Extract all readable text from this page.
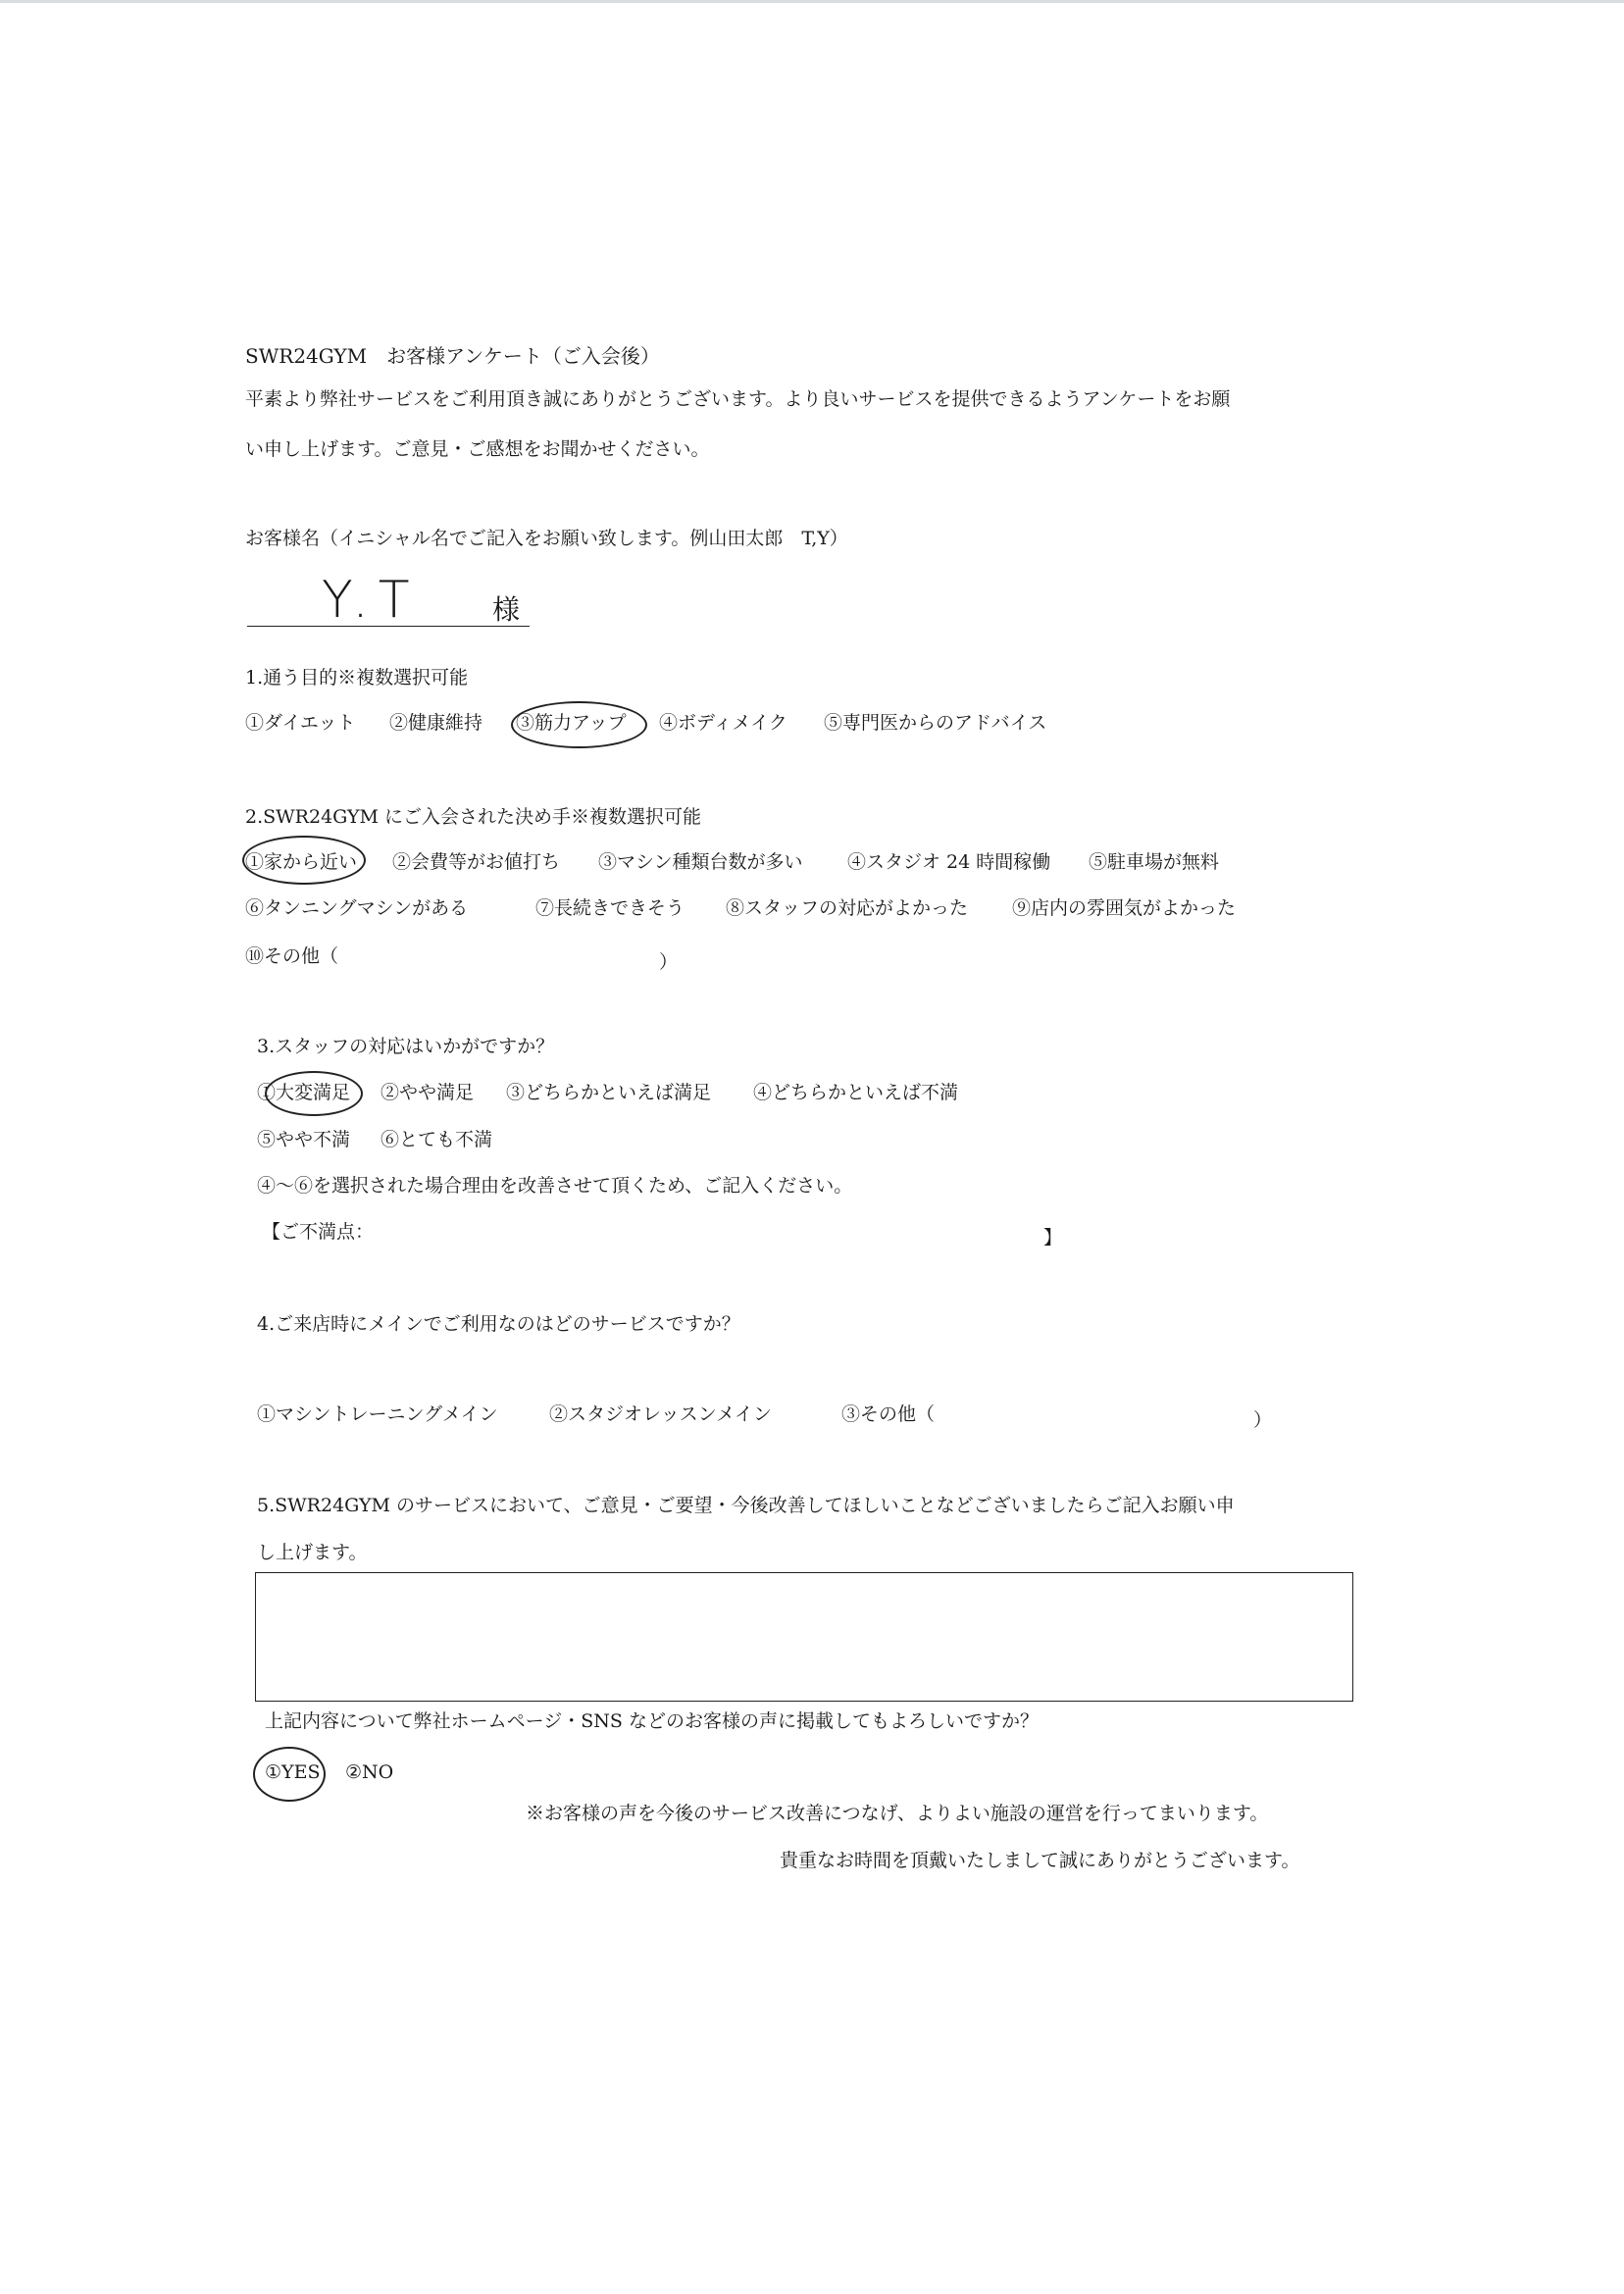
SWR24GYM　お客様アンケート（ご入会後）
平素より弊社サービスをご利用頂き誠にありがとうございます。より良いサービスを提供できるようアンケートをお願
い申し上げます。ご意見・ご感想をお聞かせください。
お客様名（イニシャル名でご記入をお願い致します。例山田太郎　T,Y）
Y.T	様
1.通う目的※複数選択可能
①ダイエット ②健康維持 ③筋力アップ ④ボディメイク ⑤専門医からのアドバイス
2.SWR24GYM にご入会された決め手※複数選択可能
①家から近い ②会費等がお値打ち ③マシン種類台数が多い ④スタジオ 24 時間稼働 ⑤駐車場が無料
⑥タンニングマシンがある	⑦長続きできそう ⑧スタッフの対応がよかった ⑨店内の雰囲気がよかった
⑩その他（	）
3.スタッフの対応はいかがですか？
①大変満足 ②やや満足 ③どちらかといえば満足 ④どちらかといえば不満
⑤やや不満 ⑥とても不満
④～⑥を選択された場合理由を改善させて頂くため、ご記入ください。
【ご不満点：	】
4.ご来店時にメインでご利用なのはどのサービスですか？
①マシントレーニングメイン	②スタジオレッスンメイン	③その他（	）
5.SWR24GYM のサービスにおいて、ご意見・ご要望・今後改善してほしいことなどございましたらご記入お願い申
し上げます。
上記内容について弊社ホームページ・SNS などのお客様の声に掲載してもよろしいですか？
①YES ②NO
※お客様の声を今後のサービス改善につなげ、よりよい施設の運営を行ってまいります。
貴重なお時間を頂戴いたしまして誠にありがとうございます。
